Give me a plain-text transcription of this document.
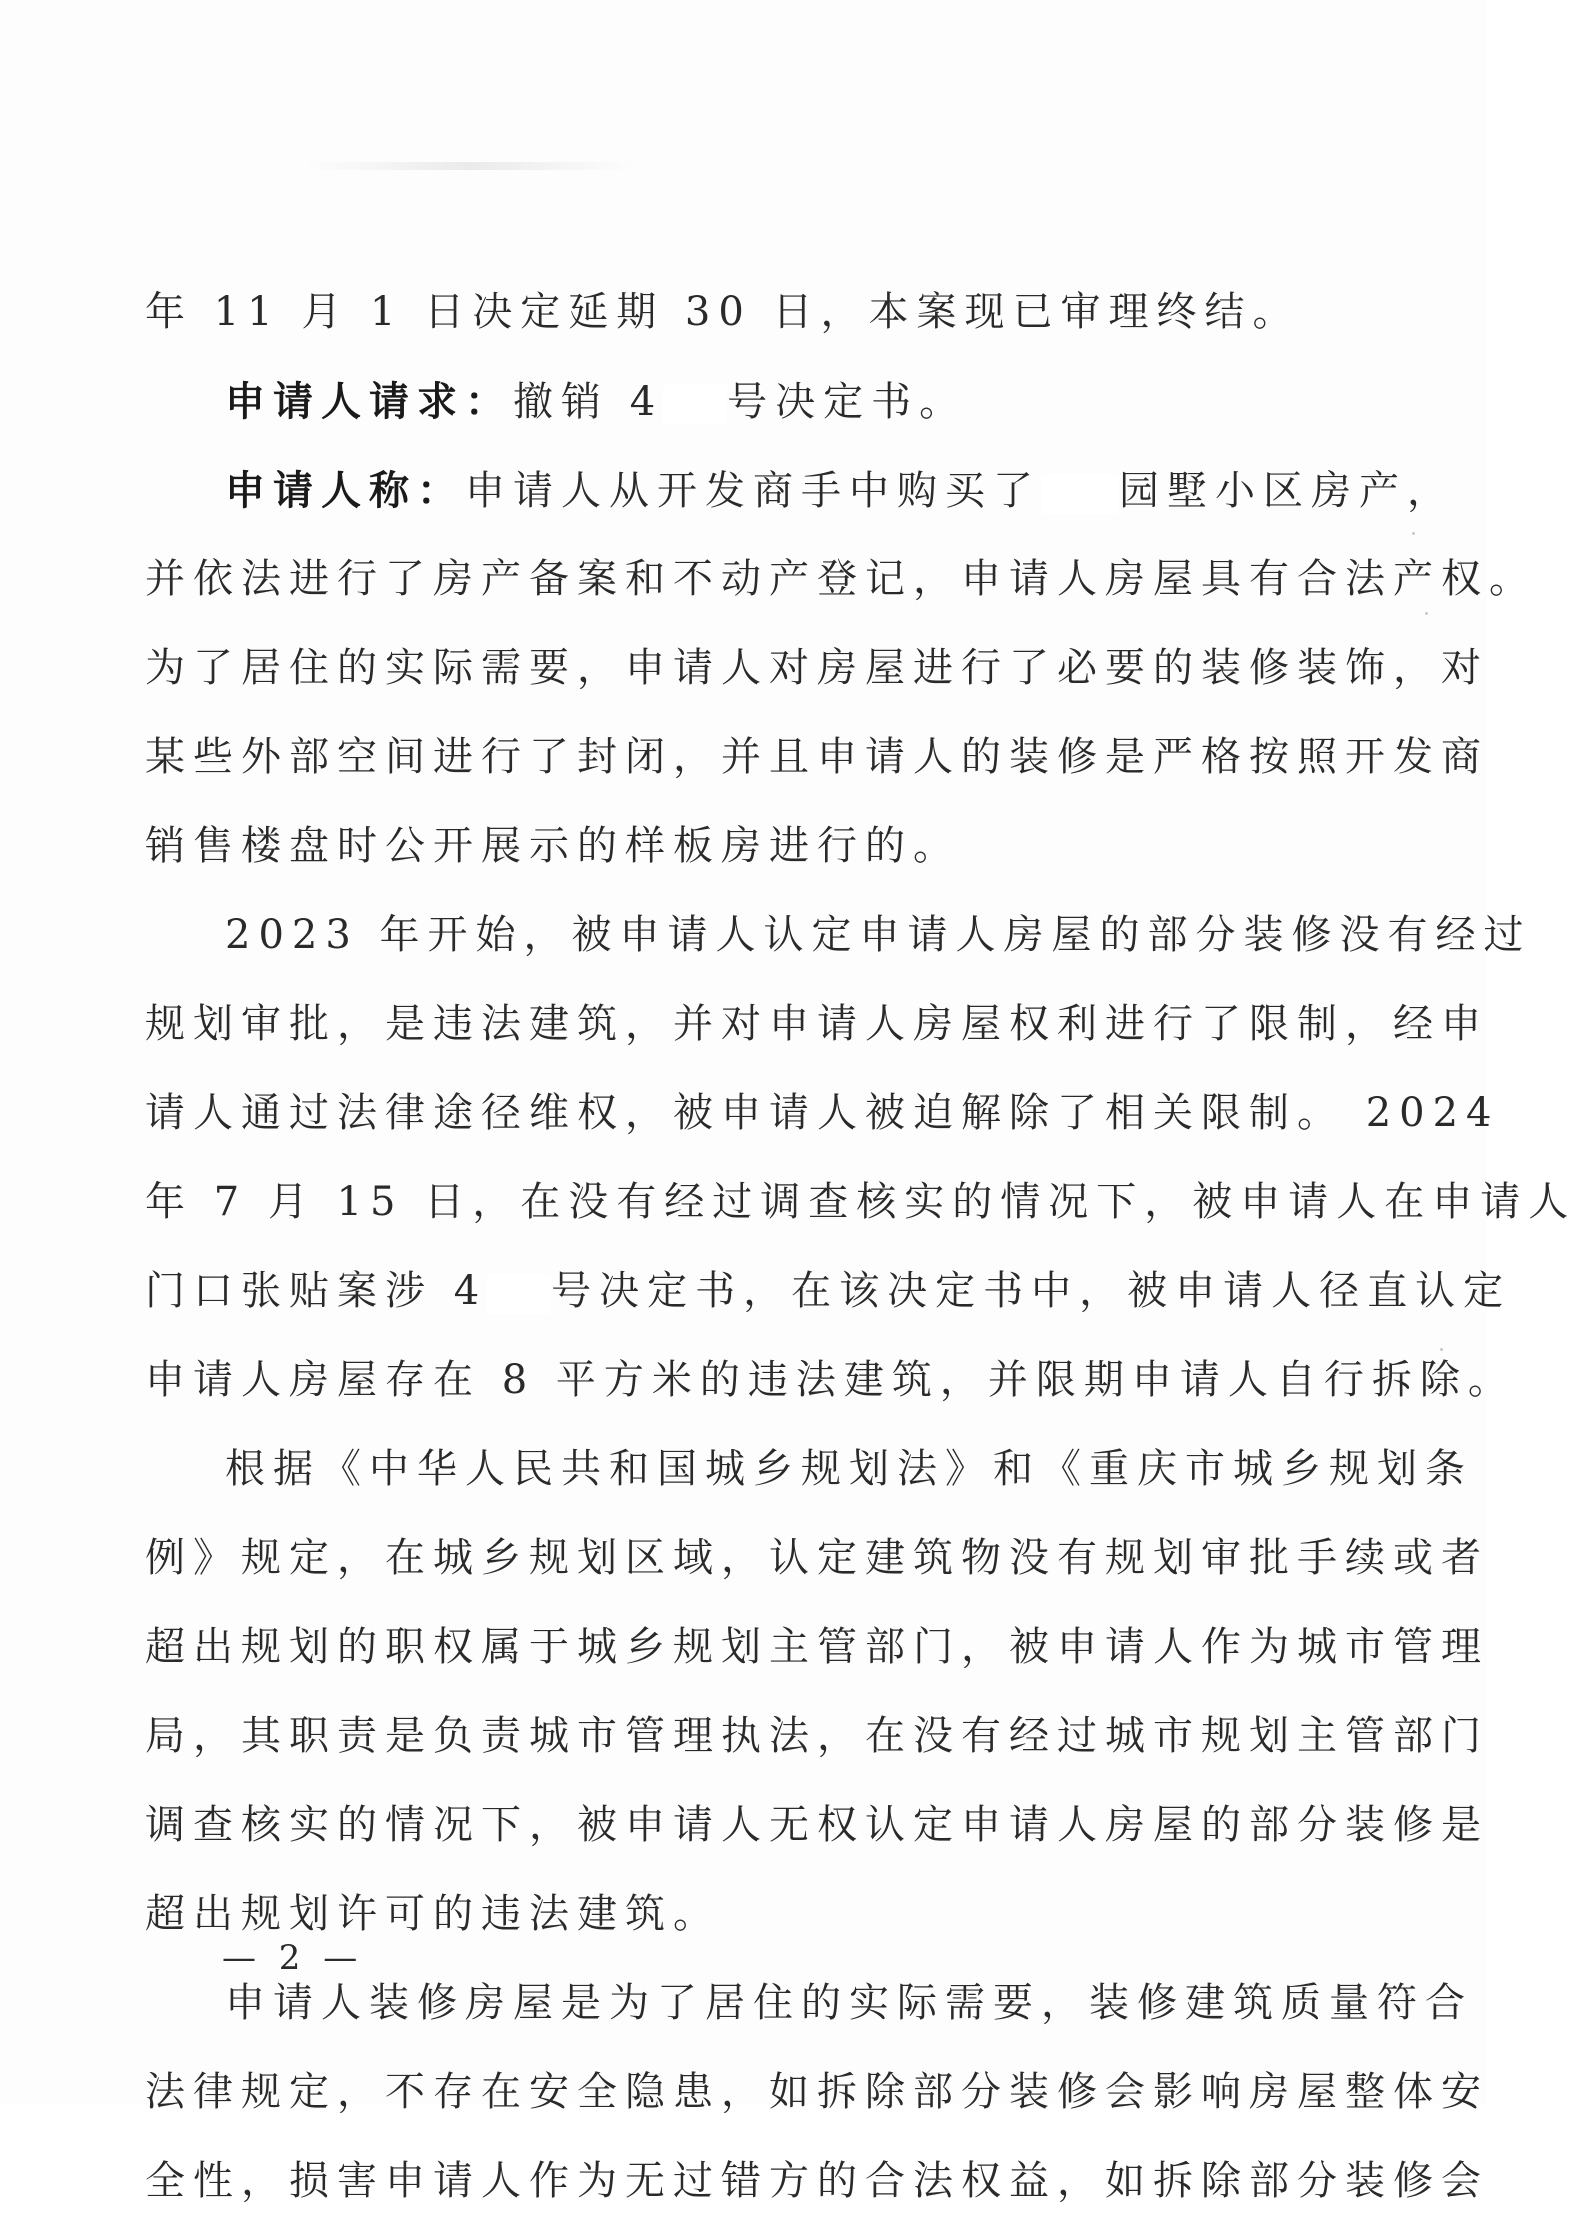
年 11 月 1 日决定延期 30 日，本案现已审理终结。
申请人请求：撤销 4 号决定书。
申请人称：申请人从开发商手中购买了 园墅小区房产，
并依法进行了房产备案和不动产登记，申请人房屋具有合法产权。
为了居住的实际需要，申请人对房屋进行了必要的装修装饰，对
某些外部空间进行了封闭，并且申请人的装修是严格按照开发商
销售楼盘时公开展示的样板房进行的。
2023 年开始，被申请人认定申请人房屋的部分装修没有经过
规划审批，是违法建筑，并对申请人房屋权利进行了限制，经申
请人通过法律途径维权，被申请人被迫解除了相关限制。 2024
年 7 月 15 日，在没有经过调查核实的情况下，被申请人在申请人
门口张贴案涉 4 号决定书，在该决定书中，被申请人径直认定
申请人房屋存在 8 平方米的违法建筑，并限期申请人自行拆除。
根据《中华人民共和国城乡规划法》和《重庆市城乡规划条
例》规定，在城乡规划区域，认定建筑物没有规划审批手续或者
超出规划的职权属于城乡规划主管部门，被申请人作为城市管理
局，其职责是负责城市管理执法，在没有经过城市规划主管部门
调查核实的情况下，被申请人无权认定申请人房屋的部分装修是
超出规划许可的违法建筑。
申请人装修房屋是为了居住的实际需要，装修建筑质量符合
法律规定，不存在安全隐患，如拆除部分装修会影响房屋整体安
全性，损害申请人作为无过错方的合法权益，如拆除部分装修会
— 2 —
